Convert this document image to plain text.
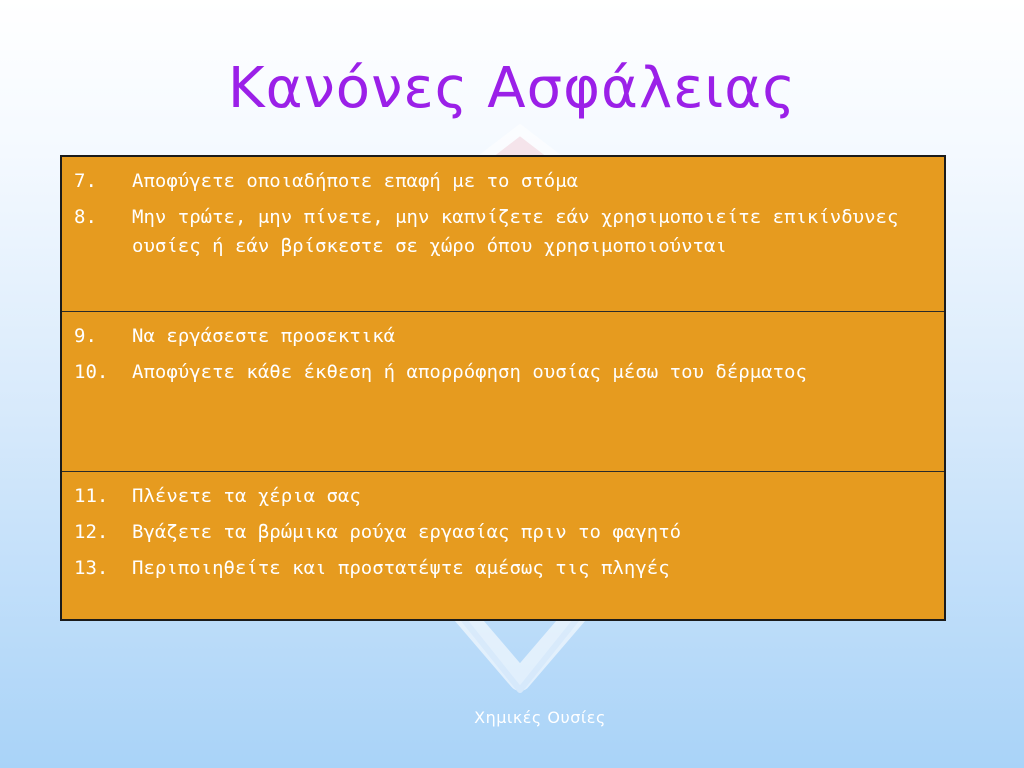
Κανόνες Ασφάλειας
7.	Αποφύγετε οποιαδήποτε επαφή με το στόμα
8.	Μην τρώτε, μην πίνετε, μην καπνίζετε εάν χρησιμοποιείτε επικίνδυνες ουσίες ή εάν βρίσκεστε σε χώρο όπου χρησιμοποιούνται
9.	Να εργάσεστε προσεκτικά
10.	Αποφύγετε κάθε έκθεση ή απορρόφηση ουσίας μέσω του δέρματος
11.	Πλένετε τα χέρια σας
12.	Βγάζετε τα βρώμικα ρούχα εργασίας πριν το φαγητό
13.	Περιποιηθείτε και προστατέψτε αμέσως τις πληγές
Χημικές Ουσίες
